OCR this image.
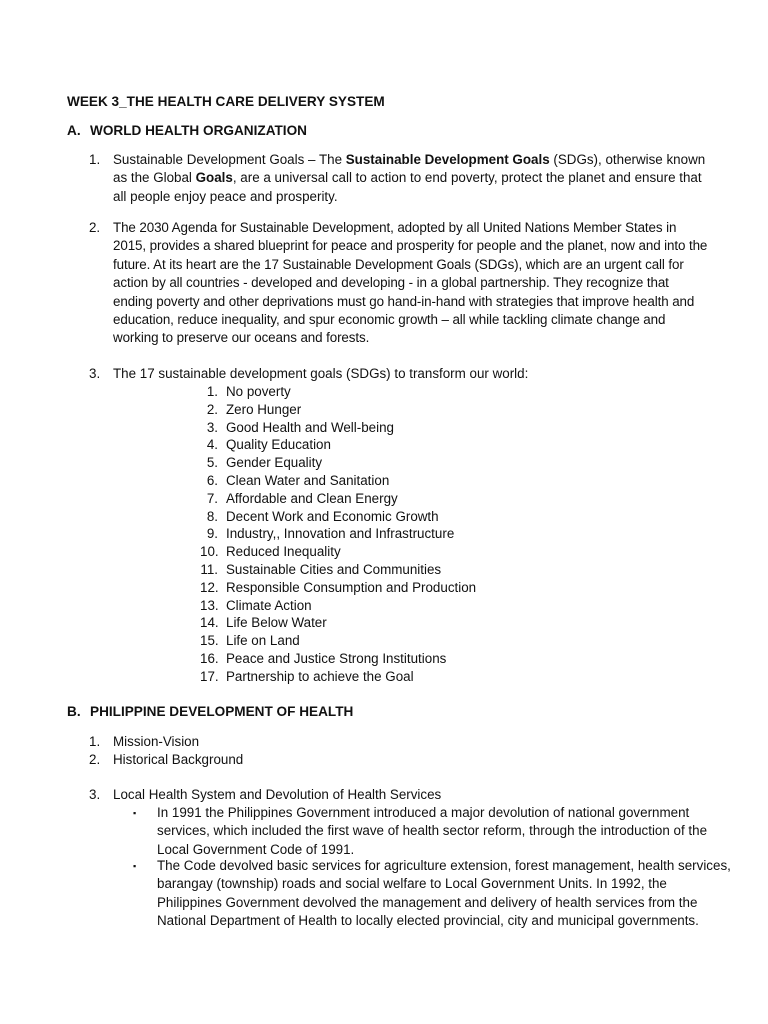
WEEK 3_THE HEALTH CARE DELIVERY SYSTEM
A. WORLD HEALTH ORGANIZATION
1. Sustainable Development Goals – The Sustainable Development Goals (SDGs), otherwise known as the Global Goals, are a universal call to action to end poverty, protect the planet and ensure that all people enjoy peace and prosperity.
2. The 2030 Agenda for Sustainable Development, adopted by all United Nations Member States in 2015, provides a shared blueprint for peace and prosperity for people and the planet, now and into the future. At its heart are the 17 Sustainable Development Goals (SDGs), which are an urgent call for action by all countries - developed and developing - in a global partnership. They recognize that ending poverty and other deprivations must go hand-in-hand with strategies that improve health and education, reduce inequality, and spur economic growth – all while tackling climate change and working to preserve our oceans and forests.
3. The 17 sustainable development goals (SDGs) to transform our world:
1. No poverty
2. Zero Hunger
3. Good Health and Well-being
4. Quality Education
5. Gender Equality
6. Clean Water and Sanitation
7. Affordable and Clean Energy
8. Decent Work and Economic Growth
9. Industry,, Innovation and Infrastructure
10. Reduced Inequality
11. Sustainable Cities and Communities
12. Responsible Consumption and Production
13. Climate Action
14. Life Below Water
15. Life on Land
16. Peace and Justice Strong Institutions
17. Partnership to achieve the Goal
B. PHILIPPINE DEVELOPMENT OF HEALTH
1. Mission-Vision
2. Historical Background
3. Local Health System and Devolution of Health Services
▪ In 1991 the Philippines Government introduced a major devolution of national government services, which included the first wave of health sector reform, through the introduction of the Local Government Code of 1991.
▪ The Code devolved basic services for agriculture extension, forest management, health services, barangay (township) roads and social welfare to Local Government Units. In 1992, the Philippines Government devolved the management and delivery of health services from the National Department of Health to locally elected provincial, city and municipal governments.
